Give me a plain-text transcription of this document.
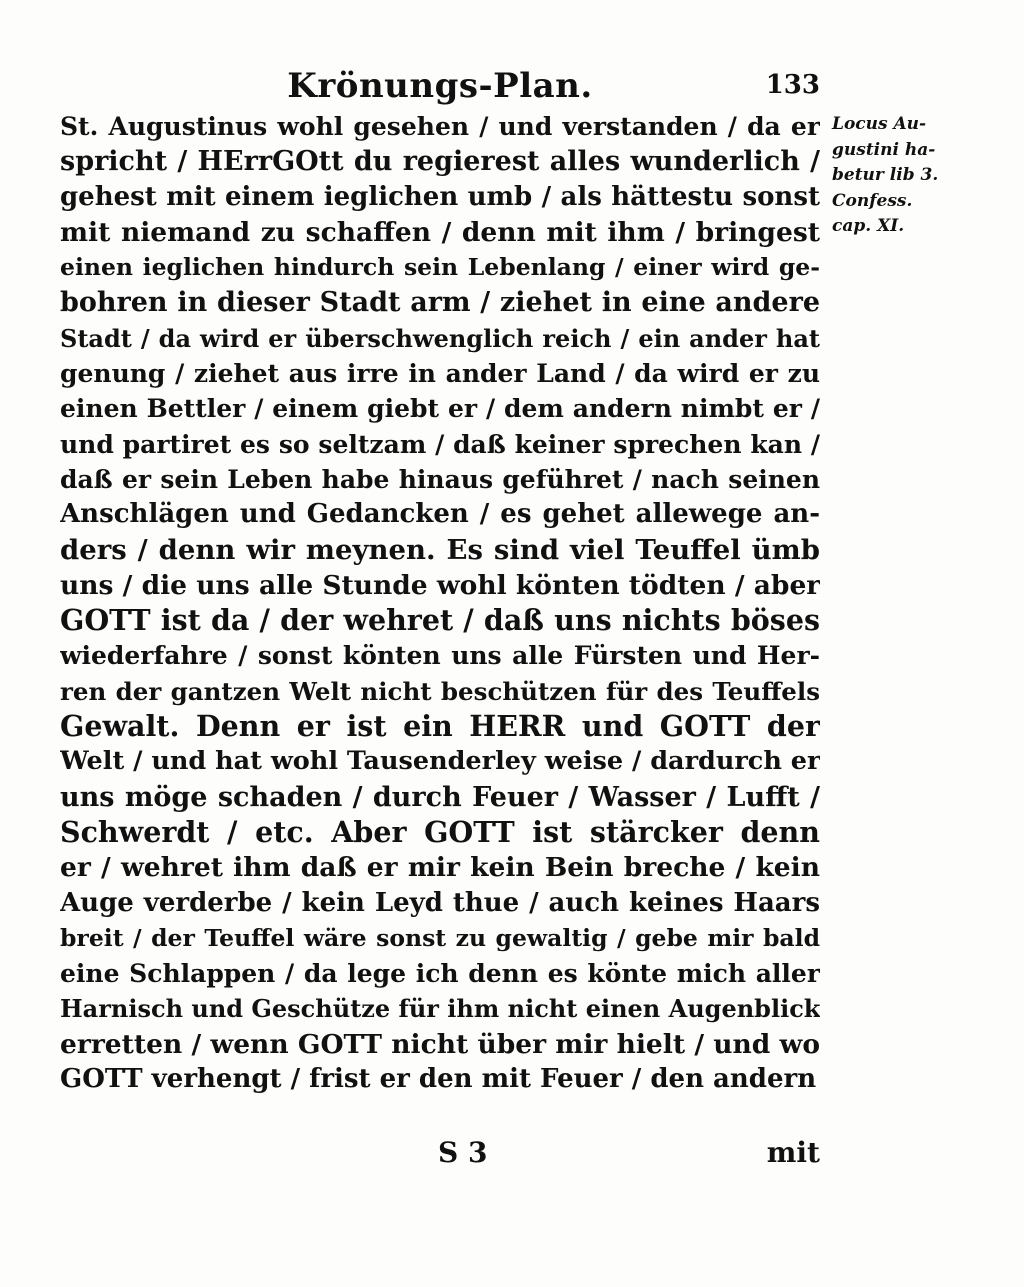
Krönungs-Plan.	133
St. Augustinus wohl gesehen / und verstanden / da er
spricht / HErrGOtt du regierest alles wunderlich /
gehest mit einem ieglichen umb / als hättestu sonst
mit niemand zu schaffen / denn mit ihm / bringest
einen ieglichen hindurch sein Lebenlang / einer wird ge-
bohren in dieser Stadt arm / ziehet in eine andere
Stadt / da wird er überschwenglich reich / ein ander hat
genung / ziehet aus irre in ander Land / da wird er zu
einen Bettler / einem giebt er / dem andern nimbt er /
und partiret es so seltzam / daß keiner sprechen kan /
daß er sein Leben habe hinaus geführet / nach seinen
Anschlägen und Gedancken / es gehet allewege an-
ders / denn wir meynen. Es sind viel Teuffel ümb
uns / die uns alle Stunde wohl könten tödten / aber
GOTT ist da / der wehret / daß uns nichts böses
wiederfahre / sonst könten uns alle Fürsten und Her-
ren der gantzen Welt nicht beschützen für des Teuffels
Gewalt. Denn er ist ein HERR und GOTT der
Welt / und hat wohl Tausenderley weise / dardurch er
uns möge schaden / durch Feuer / Wasser / Lufft /
Schwerdt / etc. Aber GOTT ist stärcker denn
er / wehret ihm daß er mir kein Bein breche / kein
Auge verderbe / kein Leyd thue / auch keines Haars
breit / der Teuffel wäre sonst zu gewaltig / gebe mir bald
eine Schlappen / da lege ich denn es könte mich aller
Harnisch und Geschütze für ihm nicht einen Augenblick
erretten / wenn GOTT nicht über mir hielt / und wo
GOTT verhengt / frist er den mit Feuer / den andern
Locus Au-
gustini ha-
betur lib 3.
Confess.
cap. XI.
S 3	mit
